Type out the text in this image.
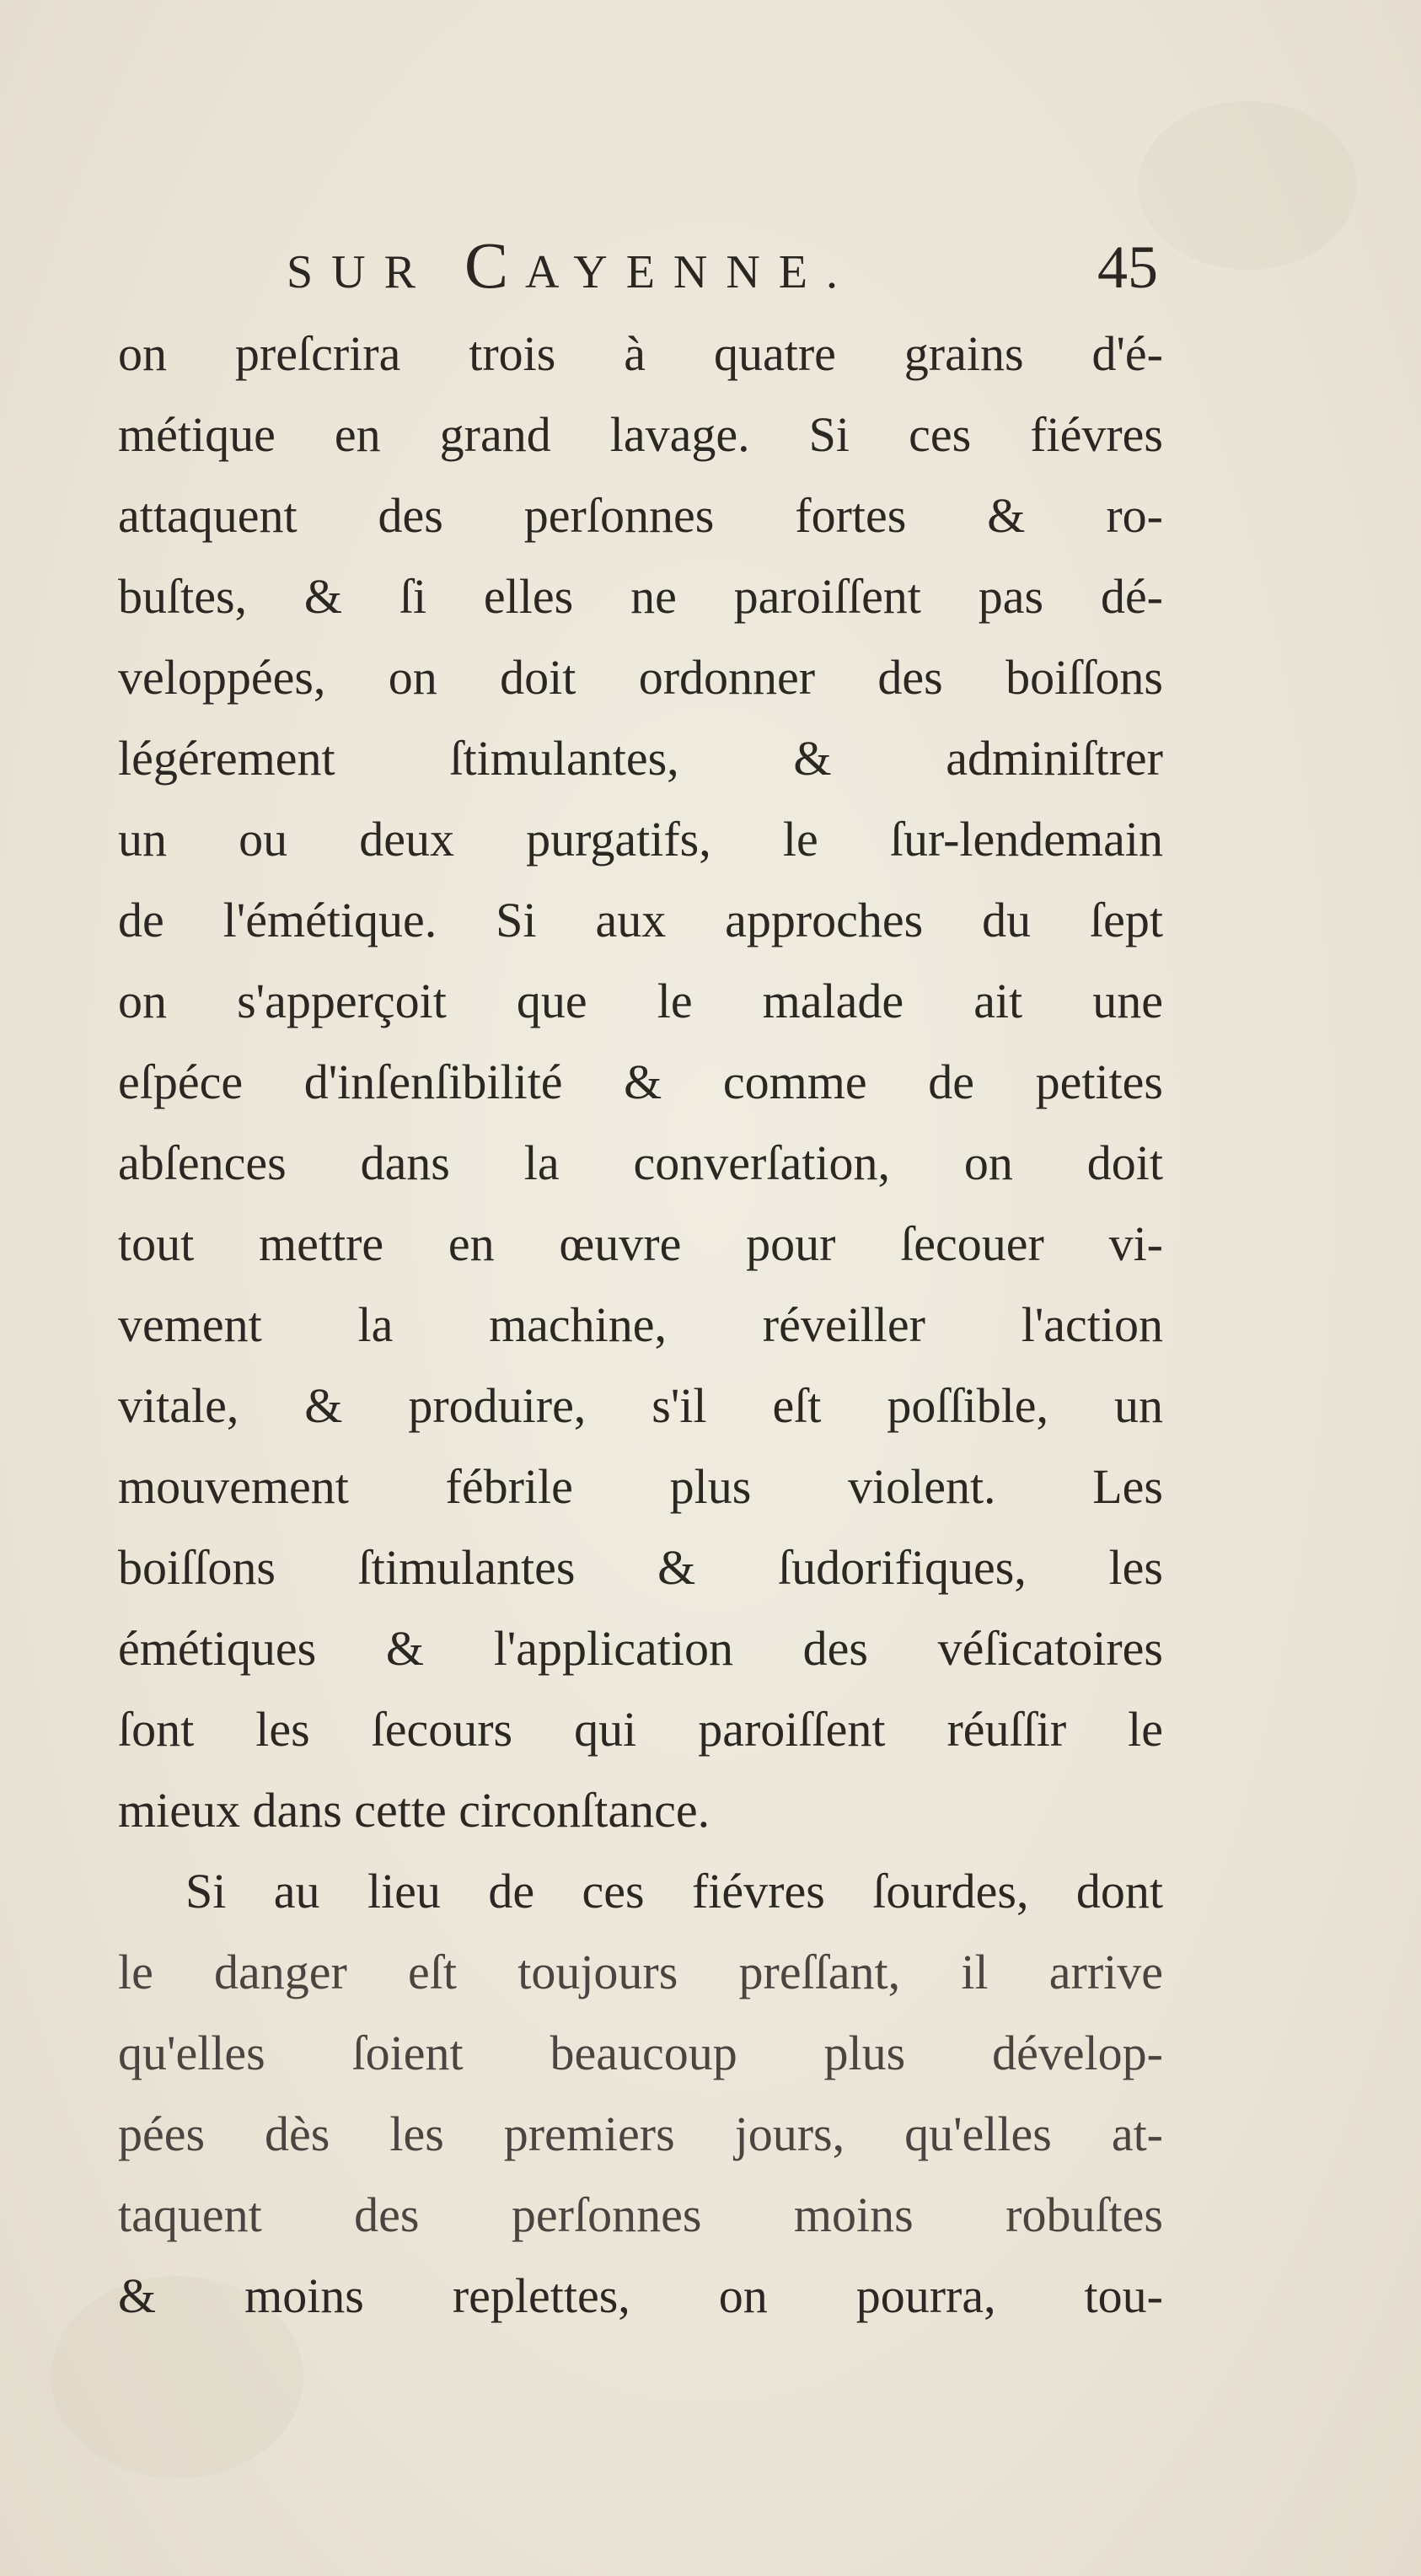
SUR CAYENNE.	45
on preſcrira trois à quatre grains d'é-
métique en grand lavage. Si ces fiévres
attaquent des perſonnes fortes & ro-
buſtes, & ſi elles ne paroiſſent pas dé-
veloppées, on doit ordonner des boiſſons
légérement ſtimulantes, & adminiſtrer
un ou deux purgatifs, le ſur-lendemain
de l'émétique. Si aux approches du ſept
on s'apperçoit que le malade ait une
eſpéce d'inſenſibilité & comme de petites
abſences dans la converſation, on doit
tout mettre en œuvre pour ſecouer vi-
vement la machine, réveiller l'action
vitale, & produire, s'il eſt poſſible, un
mouvement fébrile plus violent. Les
boiſſons ſtimulantes & ſudorifiques, les
émétiques & l'application des véſicatoires
ſont les ſecours qui paroiſſent réuſſir le
mieux dans cette circonſtance.
Si au lieu de ces fiévres ſourdes, dont
le danger eſt toujours preſſant, il arrive
qu'elles ſoient beaucoup plus dévelop-
pées dès les premiers jours, qu'elles at-
taquent des perſonnes moins robuſtes
& moins replettes, on pourra, tou-
